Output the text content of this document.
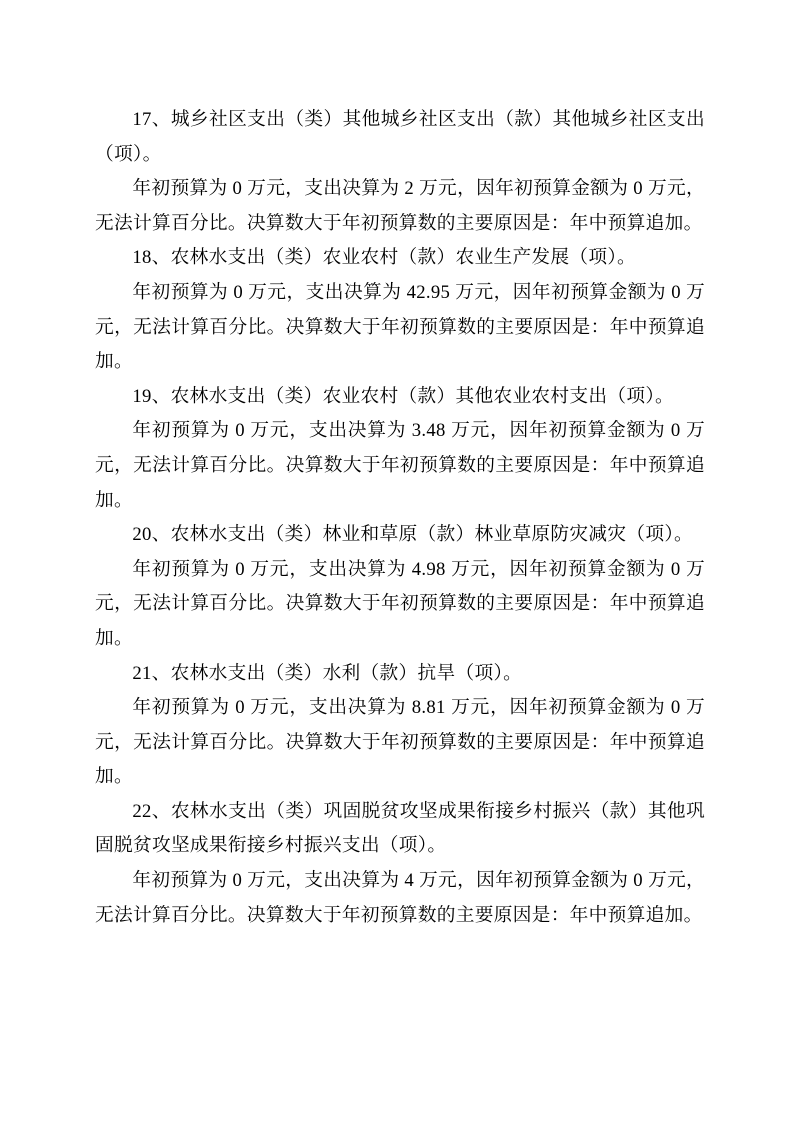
17、城乡社区支出（类）其他城乡社区支出（款）其他城乡社区支出（项）。

年初预算为 0 万元，支出决算为 2 万元，因年初预算金额为 0 万元，无法计算百分比。决算数大于年初预算数的主要原因是：年中预算追加。

18、农林水支出（类）农业农村（款）农业生产发展（项）。

年初预算为 0 万元，支出决算为 42.95 万元，因年初预算金额为 0 万元，无法计算百分比。决算数大于年初预算数的主要原因是：年中预算追加。

19、农林水支出（类）农业农村（款）其他农业农村支出（项）。

年初预算为 0 万元，支出决算为 3.48 万元，因年初预算金额为 0 万元，无法计算百分比。决算数大于年初预算数的主要原因是：年中预算追加。

20、农林水支出（类）林业和草原（款）林业草原防灾减灾（项）。

年初预算为 0 万元，支出决算为 4.98 万元，因年初预算金额为 0 万元，无法计算百分比。决算数大于年初预算数的主要原因是：年中预算追加。

21、农林水支出（类）水利（款）抗旱（项）。

年初预算为 0 万元，支出决算为 8.81 万元，因年初预算金额为 0 万元，无法计算百分比。决算数大于年初预算数的主要原因是：年中预算追加。

22、农林水支出（类）巩固脱贫攻坚成果衔接乡村振兴（款）其他巩固脱贫攻坚成果衔接乡村振兴支出（项）。

年初预算为 0 万元，支出决算为 4 万元，因年初预算金额为 0 万元，无法计算百分比。决算数大于年初预算数的主要原因是：年中预算追加。
